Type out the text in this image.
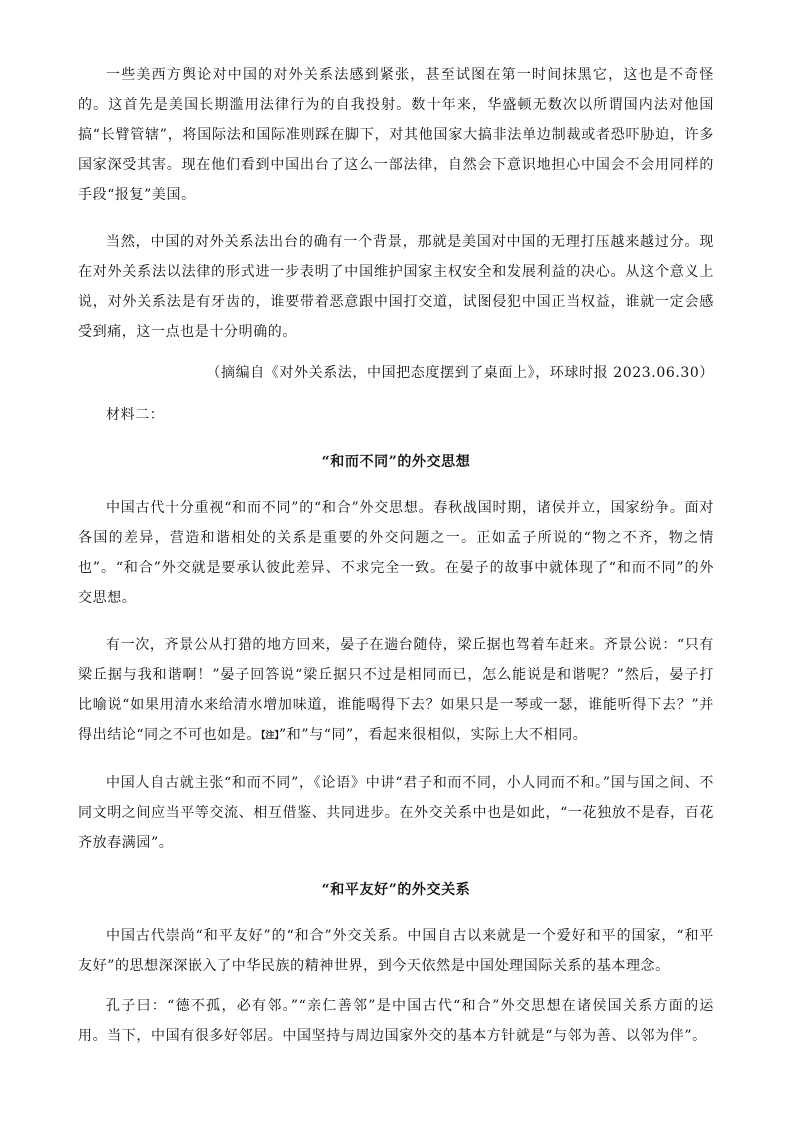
一些美西方舆论对中国的对外关系法感到紧张，甚至试图在第一时间抹黑它，这也是不奇怪的。这首先是美国长期滥用法律行为的自我投射。数十年来，华盛顿无数次以所谓国内法对他国搞“长臂管辖”，将国际法和国际准则踩在脚下，对其他国家大搞非法单边制裁或者恐吓胁迫，许多国家深受其害。现在他们看到中国出台了这么一部法律，自然会下意识地担心中国会不会用同样的手段“报复”美国。

当然，中国的对外关系法出台的确有一个背景，那就是美国对中国的无理打压越来越过分。现在对外关系法以法律的形式进一步表明了中国维护国家主权安全和发展利益的决心。从这个意义上说，对外关系法是有牙齿的，谁要带着恶意跟中国打交道，试图侵犯中国正当权益，谁就一定会感受到痛，这一点也是十分明确的。

（摘编自《对外关系法，中国把态度摆到了桌面上》，环球时报 2023.06.30）

材料二：

“和而不同”的外交思想

中国古代十分重视“和而不同”的“和合”外交思想。春秋战国时期，诸侯并立，国家纷争。面对各国的差异，营造和谐相处的关系是重要的外交问题之一。正如孟子所说的“物之不齐，物之情也”。“和合”外交就是要承认彼此差异、不求完全一致。在晏子的故事中就体现了“和而不同”的外交思想。

有一次，齐景公从打猎的地方回来，晏子在遄台随侍，梁丘据也驾着车赶来。齐景公说：“只有梁丘据与我和谐啊！”晏子回答说“梁丘据只不过是相同而已，怎么能说是和谐呢？”然后，晏子打比喻说“如果用清水来给清水增加味道，谁能喝得下去？如果只是一琴或一瑟，谁能听得下去？”并得出结论“同之不可也如是。【注】”和”与“同”，看起来很相似，实际上大不相同。

中国人自古就主张“和而不同”，《论语》中讲“君子和而不同，小人同而不和。”国与国之间、不同文明之间应当平等交流、相互借鉴、共同进步。在外交关系中也是如此，“一花独放不是春，百花齐放春满园”。

“和平友好”的外交关系

中国古代崇尚“和平友好”的“和合”外交关系。中国自古以来就是一个爱好和平的国家，“和平友好”的思想深深嵌入了中华民族的精神世界，到今天依然是中国处理国际关系的基本理念。

孔子曰：“德不孤，必有邻。”“亲仁善邻”是中国古代“和合”外交思想在诸侯国关系方面的运用。当下，中国有很多好邻居。中国坚持与周边国家外交的基本方针就是“与邻为善、以邻为伴”。
